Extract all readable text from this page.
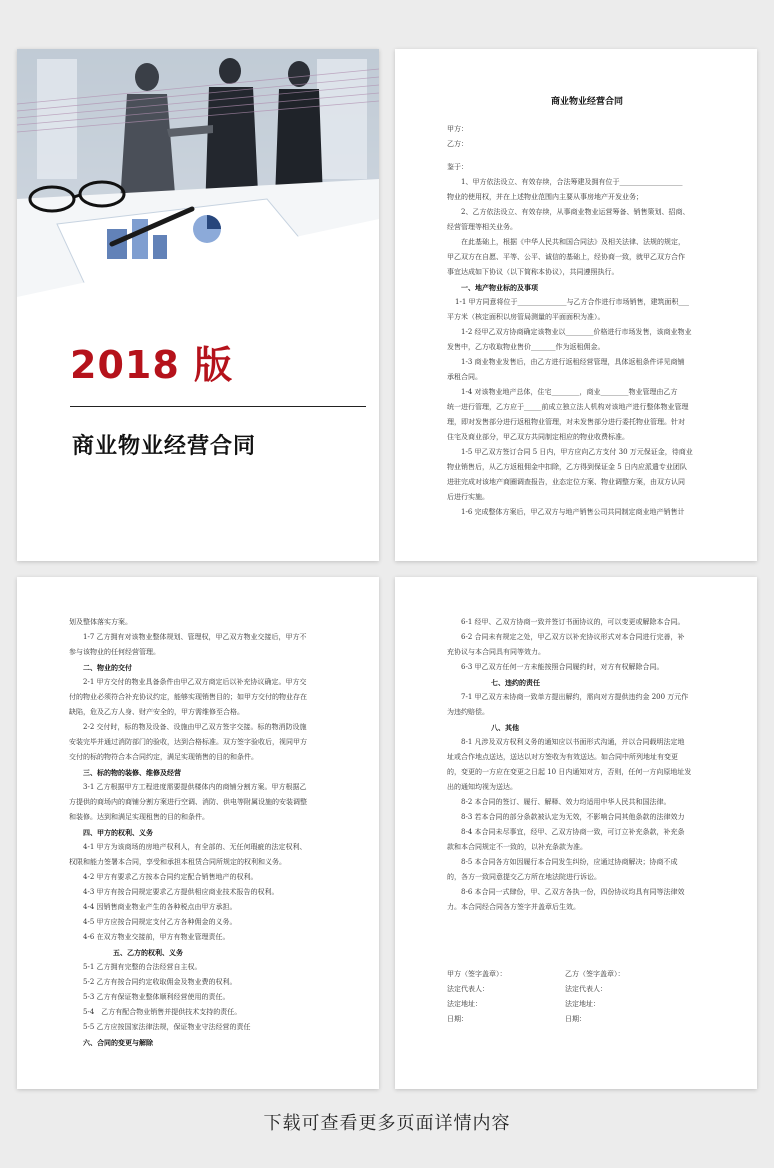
2018 版
商业物业经营合同

商业物业经营合同

甲方：

乙方：

鉴于：

1、甲方依法设立、有效存续，合法筹建及拥有位于__________________

物业的使用权，并在上述物业范围内主要从事房地产开发业务；

2、乙方依法设立、有效存续，从事商业物业运营筹备、销售策划、招商、

经营管理等相关业务。

在此基础上，根据《中华人民共和国合同法》及相关法律、法规的规定，

甲乙双方在自愿、平等、公平、诚信的基础上，经协商一致，就甲乙双方合作

事宜达成如下协议（以下简称本协议），共同遵照执行。

一、地产物业标的及事项

1-1 甲方同意将位于______________与乙方合作进行市场销售，建筑面积___

平方米（核定面积以房管局测量的平面面积为准）。

1-2 经甲乙双方协商确定该物业以________价格进行市场发售，该商业物业

发售中，乙方收取物业售价_______作为返租佣金。

1-3 商业物业发售后，由乙方进行返租经营管理，具体返租条件详见商铺

承租合同。

1-4 对该物业地产总体，住宅________，商业________物业管理由乙方

统一进行管理，乙方应于_____前成立独立法人机构对该地产进行整体物业管理

理，即对发售部分进行返租物业管理，对未发售部分进行委托物业管理。针对

住宅及商业部分，甲乙双方共同制定相应的物业收费标准。

1-5 甲乙双方签订合同 5 日内，甲方应向乙方支付 30 万元保证金，待商业

物业销售后，从乙方返租佣金中扣除，乙方得到保证金 5 日内应派遣专业团队

进驻完成对该地产商圈调查报告，业态定位方案、物业调整方案，由双方认同

后进行实施。

1-6 完成整体方案后，甲乙双方与地产销售公司共同制定商业地产销售计

划及整体落实方案。

1-7 乙方拥有对该物业整体规划、管理权，甲乙双方物业交接后，甲方不

参与该物业的任何经营管理。

二、物业的交付

2-1 甲方交付的物业具备条件由甲乙双方商定后以补充协议确定。甲方交

付的物业必须符合补充协议约定，能够实现销售目的；如甲方交付的物业存在

缺陷，危及乙方人身、财产安全的，甲方需维修至合格。

2-2 交付时，标的物及设备、设施由甲乙双方签字交接。标的物消防设施

安装完毕并通过消防部门的验收，达到合格标准。双方签字验收后，视同甲方

交付的标的物符合本合同约定，满足实现销售的目的和条件。

三、标的物的装修、维修及经营

3-1 乙方根据甲方工程进度需要提供楼体内的商铺分割方案。甲方根据乙

方提供的商场内的商铺分割方案进行空调、消防、供电等附属设施的安装调整

和装修。达到和满足实现租售的目的和条件。

四、甲方的权利、义务

4-1 甲方为该商场的房地产权利人，有全部的、无任何瑕疵的法定权利、

权限和能力签署本合同，享受和承担本租赁合同所规定的权利和义务。

4-2 甲方有要求乙方按本合同约定配合销售地产的权利。

4-3 甲方有按合同规定要求乙方提供相应商业技术报告的权利。

4-4 因销售商业物业产生的各种税点由甲方承担。

4-5 甲方应按合同规定支付乙方各种佣金的义务。

4-6 在双方物业交接前，甲方有物业管理责任。

五、乙方的权利、义务

5-1 乙方拥有完整的合法经营自主权。

5-2 乙方有按合同约定收取佣金及物业费的权利。

5-3 乙方有保证物业整体顺利经营使用的责任。

5-4　乙方有配合物业销售并提供技术支持的责任。

5-5 乙方应按国家法律法规，保证物业守法经营的责任

六、合同的变更与解除

6-1 经甲、乙双方协商一致并签订书面协议的，可以变更或解除本合同。

6-2 合同未有规定之处，甲乙双方以补充协议形式对本合同进行完善，补

充协议与本合同具有同等效力。

6-3 甲乙双方任何一方未能按照合同履约时，对方有权解除合同。

七、违约的责任

7-1 甲乙双方未协商一致单方提出解约，需向对方提供违约金 200 万元作

为违约赔偿。

八、其他

8-1 凡涉及双方权利义务的通知应以书面形式沟通，并以合同载明法定地

址或合作地点送达，送达以对方签收为有效送达。如合同中所列地址有变更

的，变更的一方应在变更之日起 10 日内通知对方，否则，任何一方向原地址发

出的通知均视为送达。

8-2 本合同的签订、履行、解释、效力均适用中华人民共和国法律。

8-3 若本合同的部分条款被认定为无效，不影响合同其他条款的法律效力

8-4 本合同未尽事宜，经甲、乙双方协商一致，可订立补充条款，补充条

款和本合同规定不一致的，以补充条款为准。

8-5 本合同各方如因履行本合同发生纠纷，应通过协商解决；协商不成

的，各方一致同意提交乙方所在地法院进行诉讼。

8-6 本合同一式肆份，甲、乙双方各执一份，四份协议均具有同等法律效

力。本合同经合同各方签字并盖章后生效。

甲方（签字盖章）：	乙方（签字盖章）：

法定代表人：	法定代表人：

法定地址：	法定地址：

日期：	日期：

下载可查看更多页面详情内容
